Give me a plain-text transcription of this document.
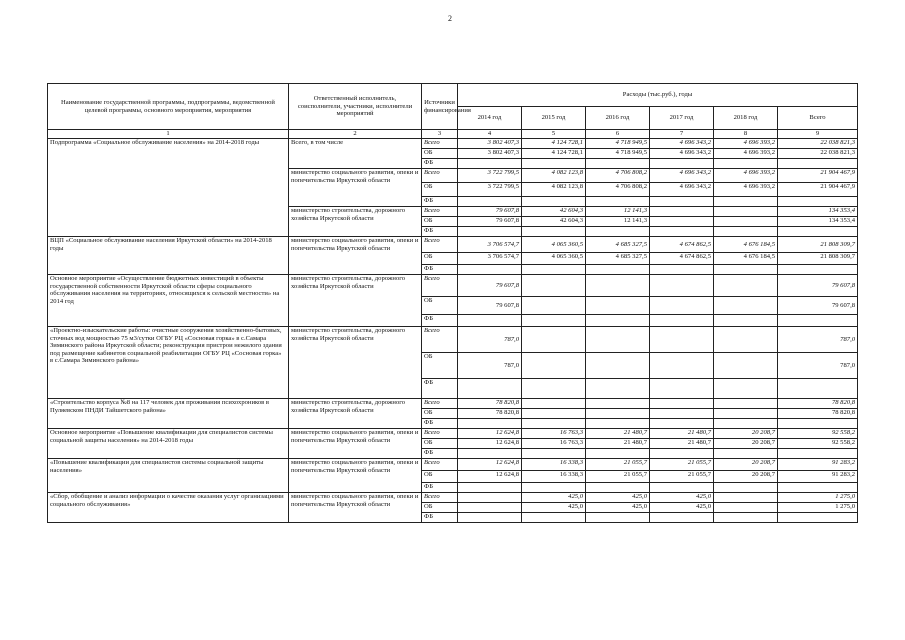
2
Наименование государственной программы, подпрограммы, ведомственной целевой программы, основного мероприятия, мероприятия	Ответственный исполнитель, соисполнители, участники, исполнители мероприятий	Источники финансирования	Расходы (тыс.руб.), годы					
			2014 год	2015 год	2016 год	2017 год	2018 год	Всего
1	2	3	4	5	6	7	8	9
Подпрограмма «Социальное обслуживание населения» на 2014-2018 годы	Всего, в том числе	Всего	3 802 407,3	4 124 728,1	4 718 949,5	4 696 343,2	4 696 393,2	22 038 821,3
		ОБ	3 802 407,3	4 124 728,1	4 718 949,5	4 696 343,2	4 696 393,2	22 038 821,3
		ФБ						
	министерство социального развития, опеки и попечительства Иркутской области	Всего	3 722 799,5	4 082 123,8	4 706 808,2	4 696 343,2	4 696 393,2	21 904 467,9
		ОБ	3 722 799,5	4 082 123,8	4 706 808,2	4 696 343,2	4 696 393,2	21 904 467,9
		ФБ						
	министерство строительства, дорожного хозяйства Иркутской области	Всего	79 607,8	42 604,3	12 141,3			134 353,4
		ОБ	79 607,8	42 604,3	12 141,3			134 353,4
		ФБ						
ВЦП «Социальное обслуживание населения Иркутской области» на 2014-2018 годы	министерство социального развития, опеки и попечительства Иркутской области	Всего	3 706 574,7	4 065 360,5	4 685 327,5	4 674 862,5	4 676 184,5	21 808 309,7
		ОБ	3 706 574,7	4 065 360,5	4 685 327,5	4 674 862,5	4 676 184,5	21 808 309,7
		ФБ						
Основное мероприятие «Осуществление бюджетных инвестиций в объекты государственной собственности Иркутской области сферы социального обслуживания населения на территориях, относящихся к сельской местности» на 2014 год	министерство строительства, дорожного хозяйства Иркутской области	Всего	79 607,8					79 607,8
		ОБ	79 607,8					79 607,8
		ФБ						
«Проектно-изыскательские работы: очистные сооружения хозяйственно-бытовых, сточных вод мощностью 75 м3/сутки ОГБУ РЦ «Сосновая горка» в с.Самара Зиминского района Иркутской области; реконструкция пристрои нежилого здания под размещение кабинетов социальной реабилитации ОГБУ РЦ «Сосновая горка» в с.Самара Зиминского района»	министерство строительства, дорожного хозяйства Иркутской области	Всего	787,0					787,0
		ОБ	787,0					787,0
		ФБ						
«Строительство корпуса №8 на 117 человек для проживания психохроников в Пуляевском ПНДИ Тайшетского района»	министерство строительства, дорожного хозяйства Иркутской области	Всего	78 820,8					78 820,8
		ОБ	78 820,8					78 820,8
		ФБ						
Основное мероприятие «Повышение квалификации для специалистов системы социальной защиты населения» на 2014-2018 годы	министерство социального развития, опеки и попечительства Иркутской области	Всего	12 624,8	16 763,3	21 480,7	21 480,7	20 208,7	92 558,2
		ОБ	12 624,8	16 763,3	21 480,7	21 480,7	20 208,7	92 558,2
		ФБ						
«Повышение квалификации для специалистов системы социальной защиты населения»	министерство социального развития, опеки и попечительства Иркутской области	Всего	12 624,8	16 338,3	21 055,7	21 055,7	20 208,7	91 283,2
		ОБ	12 624,8	16 338,3	21 055,7	21 055,7	20 208,7	91 283,2
		ФБ						
«Сбор, обобщение и анализ информации о качестве оказания услуг организациями социального обслуживания»	министерство социального развития, опеки и попечительства Иркутской области	Всего		425,0	425,0	425,0		1 275,0
		ОБ		425,0	425,0	425,0		1 275,0
		ФБ						
